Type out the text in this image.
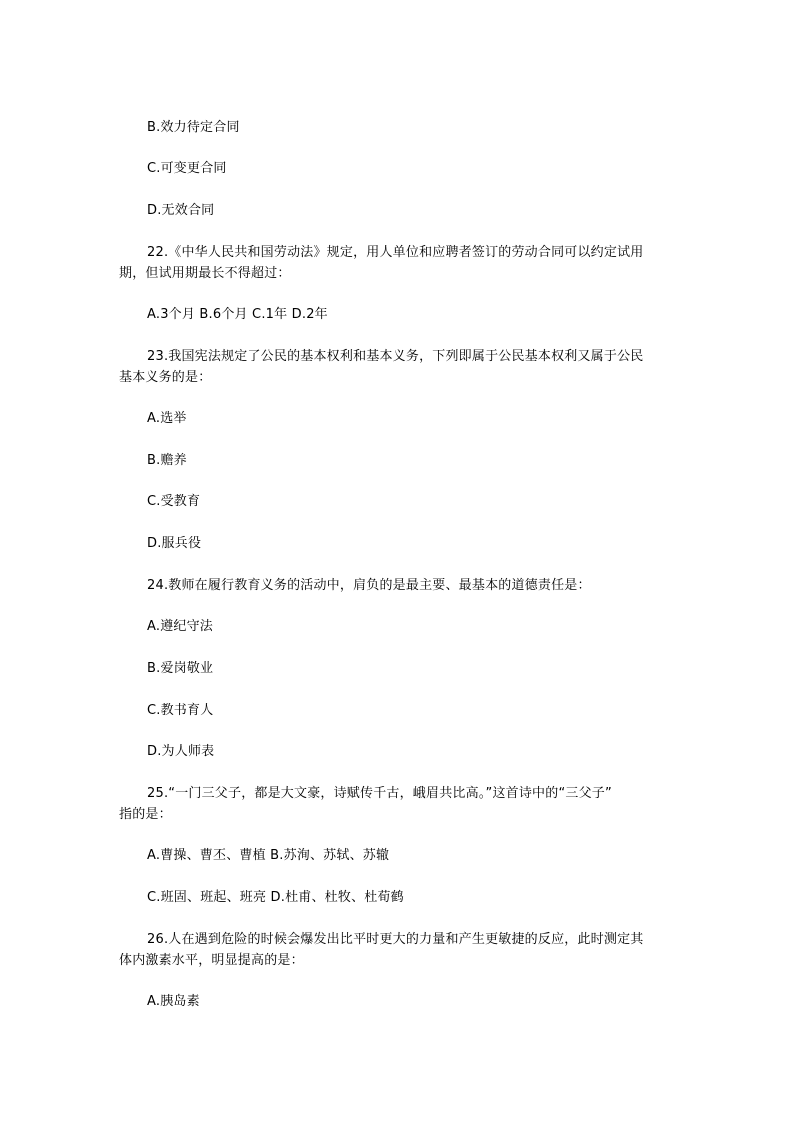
B.效力待定合同
C.可变更合同
D.无效合同
22.《中华人民共和国劳动法》规定，用人单位和应聘者签订的劳动合同可以约定试用
期，但试用期最长不得超过：
A.3个月 B.6个月 C.1年 D.2年
23.我国宪法规定了公民的基本权利和基本义务，下列即属于公民基本权利又属于公民
基本义务的是：
A.选举
B.赡养
C.受教育
D.服兵役
24.教师在履行教育义务的活动中，肩负的是最主要、最基本的道德责任是：
A.遵纪守法
B.爱岗敬业
C.教书育人
D.为人师表
25.“一门三父子，都是大文豪，诗赋传千古，峨眉共比高。”这首诗中的“三父子”
指的是：
A.曹操、曹丕、曹植 B.苏洵、苏轼、苏辙
C.班固、班起、班亮 D.杜甫、杜牧、杜荀鹤
26.人在遇到危险的时候会爆发出比平时更大的力量和产生更敏捷的反应，此时测定其
体内激素水平，明显提高的是：
A.胰岛素
